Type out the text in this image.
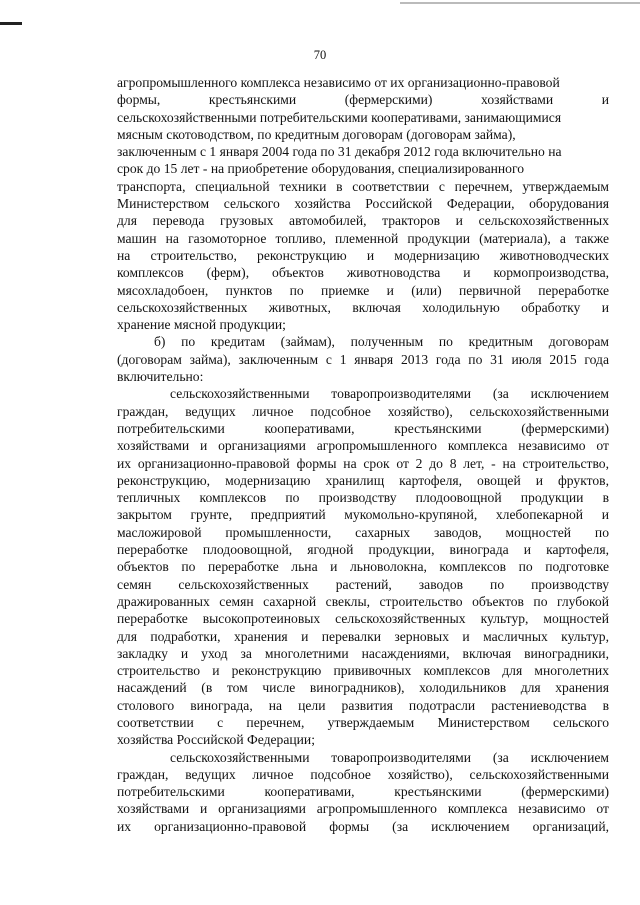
70
агропромышленного комплекса независимо от их организационно-правовой
формы, крестьянскими (фермерскими) хозяйствами и
сельскохозяйственными потребительскими кооперативами, занимающимися
мясным скотоводством, по кредитным договорам (договорам займа),
заключенным с 1 января 2004 года по 31 декабря 2012 года включительно на
срок до 15 лет - на приобретение оборудования, специализированного
транспорта, специальной техники в соответствии с перечнем, утверждаемым
Министерством сельского хозяйства Российской Федерации, оборудования
для перевода грузовых автомобилей, тракторов и сельскохозяйственных
машин на газомоторное топливо, племенной продукции (материала), а также
на строительство, реконструкцию и модернизацию животноводческих
комплексов (ферм), объектов животноводства и кормопроизводства,
мясохладобоен, пунктов по приемке и (или) первичной переработке
сельскохозяйственных животных, включая холодильную обработку и
хранение мясной продукции;
б) по кредитам (займам), полученным по кредитным договорам
(договорам займа), заключенным с 1 января 2013 года по 31 июля 2015 года
включительно:
сельскохозяйственными товаропроизводителями (за исключением
граждан, ведущих личное подсобное хозяйство), сельскохозяйственными
потребительскими кооперативами, крестьянскими (фермерскими)
хозяйствами и организациями агропромышленного комплекса независимо от
их организационно-правовой формы на срок от 2 до 8 лет, - на строительство,
реконструкцию, модернизацию хранилищ картофеля, овощей и фруктов,
тепличных комплексов по производству плодоовощной продукции в
закрытом грунте, предприятий мукомольно-крупяной, хлебопекарной и
масложировой промышленности, сахарных заводов, мощностей по
переработке плодоовощной, ягодной продукции, винограда и картофеля,
объектов по переработке льна и льноволокна, комплексов по подготовке
семян сельскохозяйственных растений, заводов по производству
дражированных семян сахарной свеклы, строительство объектов по глубокой
переработке высокопротеиновых сельскохозяйственных культур, мощностей
для подработки, хранения и перевалки зерновых и масличных культур,
закладку и уход за многолетними насаждениями, включая виноградники,
строительство и реконструкцию прививочных комплексов для многолетних
насаждений (в том числе виноградников), холодильников для хранения
столового винограда, на цели развития подотрасли растениеводства в
соответствии с перечнем, утверждаемым Министерством сельского
хозяйства Российской Федерации;
сельскохозяйственными товаропроизводителями (за исключением
граждан, ведущих личное подсобное хозяйство), сельскохозяйственными
потребительскими кооперативами, крестьянскими (фермерскими)
хозяйствами и организациями агропромышленного комплекса независимо от
их организационно-правовой формы (за исключением организаций,
